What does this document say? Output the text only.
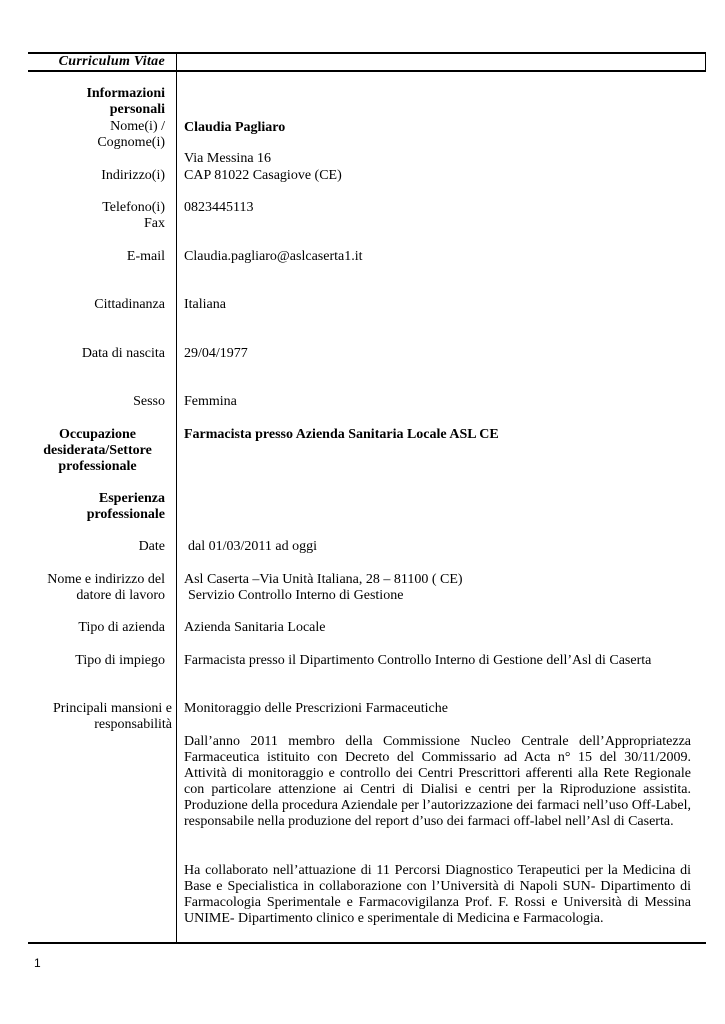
Curriculum Vitae
Informazioni personali
Nome(i) / Cognome(i)
Claudia Pagliaro
Via Messina 16
Indirizzo(i) CAP 81022 Casagiove (CE)
Telefono(i) 0823445113
Fax
E-mail Claudia.pagliaro@aslcaserta1.it
Cittadinanza Italiana
Data di nascita 29/04/1977
Sesso Femmina
Occupazione desiderata/Settore professionale
Farmacista presso Azienda Sanitaria Locale ASL CE
Esperienza professionale
Date dal 01/03/2011 ad oggi
Nome e indirizzo del datore di lavoro
Asl Caserta –Via Unità Italiana, 28 – 81100 ( CE)
Servizio Controllo Interno di Gestione
Tipo di azienda Azienda Sanitaria Locale
Tipo di impiego Farmacista presso il Dipartimento Controllo Interno di Gestione dell’Asl di Caserta
Principali mansioni e responsabilità
Monitoraggio delle Prescrizioni Farmaceutiche

Dall’anno 2011 membro della Commissione Nucleo Centrale dell’Appropriatezza Farmaceutica istituito con Decreto del Commissario ad Acta n° 15 del 30/11/2009. Attività di monitoraggio e controllo dei Centri Prescrittori afferenti alla Rete Regionale con particolare attenzione ai Centri di Dialisi e centri per la Riproduzione assistita. Produzione della procedura Aziendale per l’autorizzazione dei farmaci nell’uso Off-Label, responsabile nella produzione del report d’uso dei farmaci off-label nell’Asl di Caserta.

Ha collaborato nell’attuazione di 11 Percorsi Diagnostico Terapeutici per la Medicina di Base e Specialistica in collaborazione con l’Università di Napoli SUN- Dipartimento di Farmacologia Sperimentale e Farmacovigilanza Prof. F. Rossi e Università di Messina UNIME- Dipartimento clinico e sperimentale di Medicina e Farmacologia.

1
